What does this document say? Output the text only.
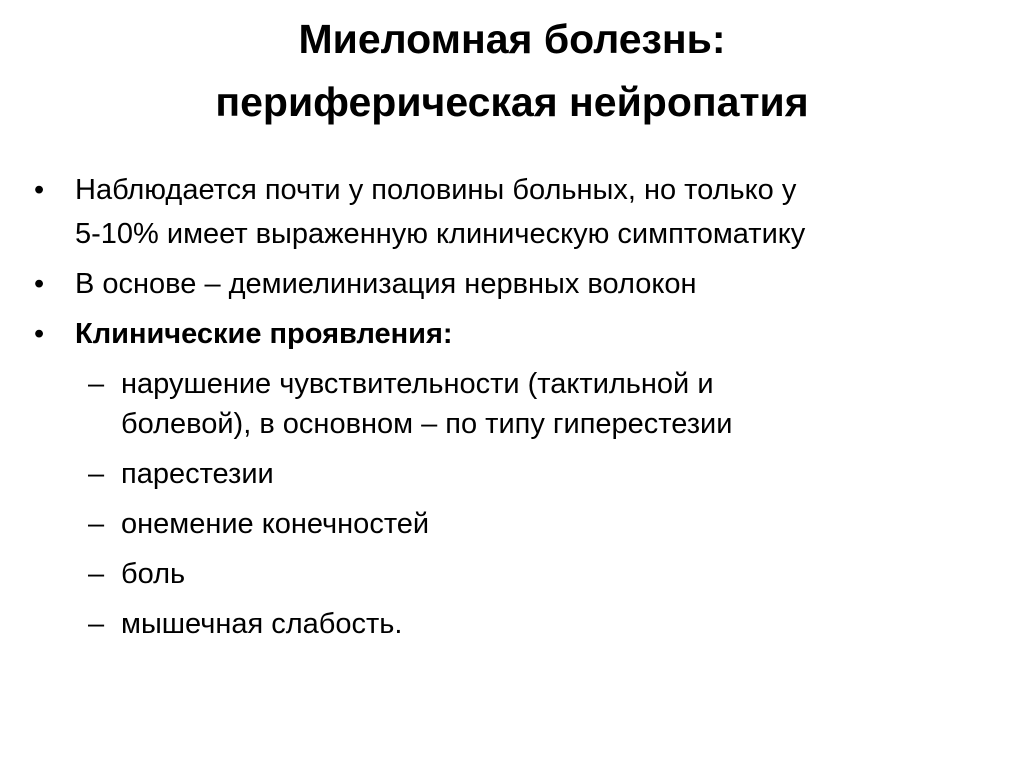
Миеломная болезнь:
периферическая нейропатия
• Наблюдается почти у половины больных, но только у
5-10% имеет выраженную клиническую симптоматику
• В основе – демиелинизация нервных волокон
• Клинические проявления:
– нарушение чувствительности (тактильной и
болевой), в основном – по типу гиперестезии
– парестезии
– онемение конечностей
– боль
– мышечная слабость.
